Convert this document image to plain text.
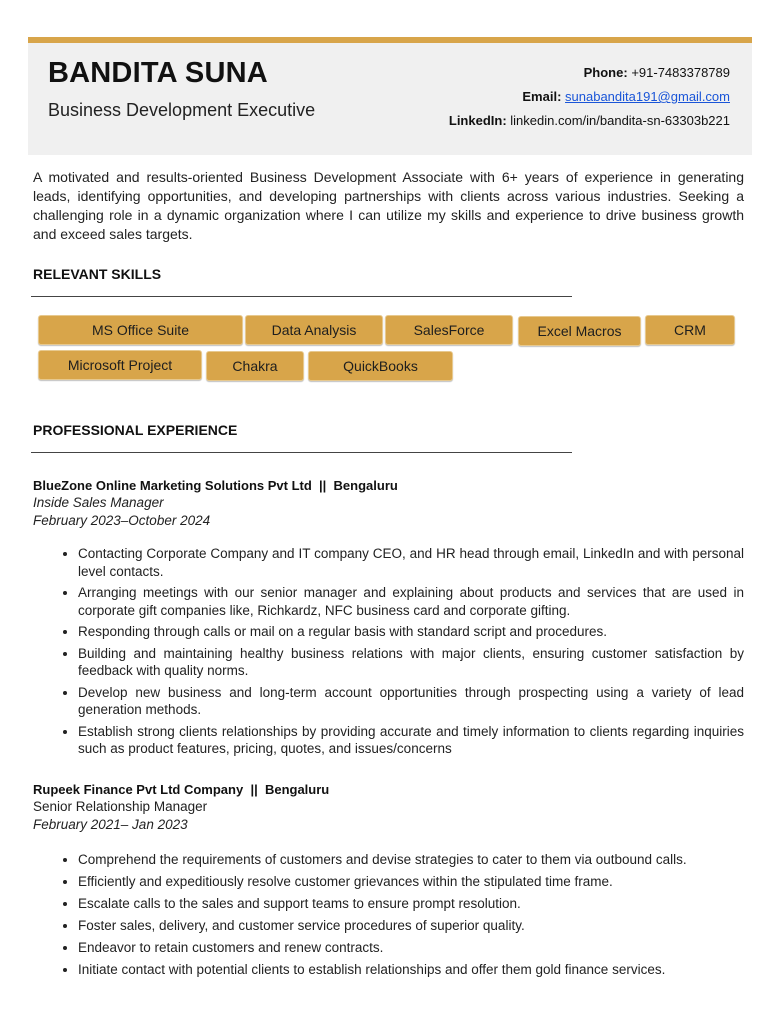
BANDITA SUNA
Business Development Executive
Phone: +91-7483378789
Email: sunabandita191@gmail.com
LinkedIn: linkedin.com/in/bandita-sn-63303b221
A motivated and results-oriented Business Development Associate with 6+ years of experience in generating leads, identifying opportunities, and developing partnerships with clients across various industries. Seeking a challenging role in a dynamic organization where I can utilize my skills and experience to drive business growth and exceed sales targets.
RELEVANT SKILLS
MS Office Suite	Data Analysis	SalesForce	Excel Macros	CRM
Microsoft Project	Chakra	QuickBooks
PROFESSIONAL EXPERIENCE
BlueZone Online Marketing Solutions Pvt Ltd || Bengaluru
Inside Sales Manager
February 2023–October 2024
• Contacting Corporate Company and IT company CEO, and HR head through email, LinkedIn and with personal level contacts.
• Arranging meetings with our senior manager and explaining about products and services that are used in corporate gift companies like, Richkardz, NFC business card and corporate gifting.
• Responding through calls or mail on a regular basis with standard script and procedures.
• Building and maintaining healthy business relations with major clients, ensuring customer satisfaction by feedback with quality norms.
• Develop new business and long-term account opportunities through prospecting using a variety of lead generation methods.
• Establish strong clients relationships by providing accurate and timely information to clients regarding inquiries such as product features, pricing, quotes, and issues/concerns
Rupeek Finance Pvt Ltd Company || Bengaluru
Senior Relationship Manager
February 2021– Jan 2023
• Comprehend the requirements of customers and devise strategies to cater to them via outbound calls.
• Efficiently and expeditiously resolve customer grievances within the stipulated time frame.
• Escalate calls to the sales and support teams to ensure prompt resolution.
• Foster sales, delivery, and customer service procedures of superior quality.
• Endeavor to retain customers and renew contracts.
• Initiate contact with potential clients to establish relationships and offer them gold finance services.
